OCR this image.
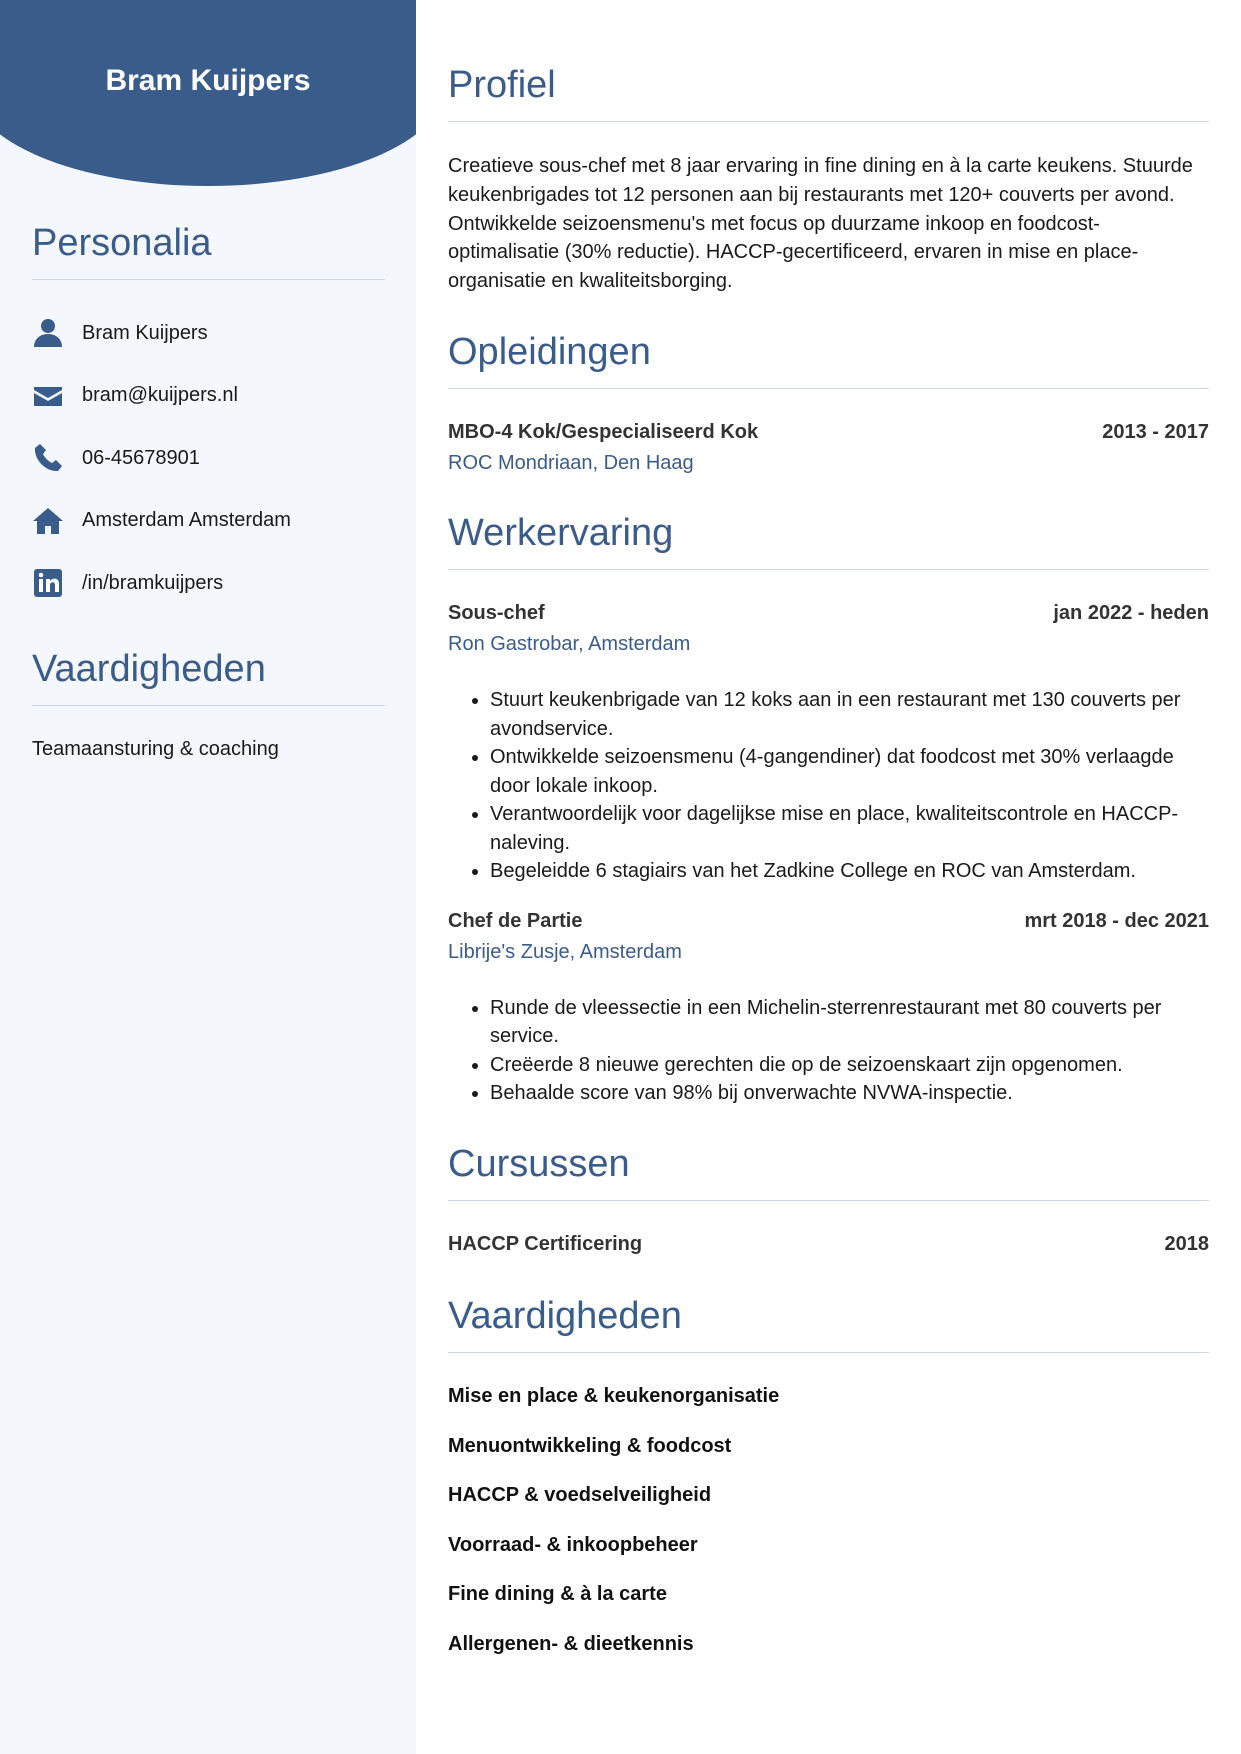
Bram Kuijpers
Personalia
Bram Kuijpers
bram@kuijpers.nl
06-45678901
Amsterdam Amsterdam
/in/bramkuijpers
Vaardigheden
Teamaansturing & coaching
Profiel
Creatieve sous-chef met 8 jaar ervaring in fine dining en à la carte keukens. Stuurde keukenbrigades tot 12 personen aan bij restaurants met 120+ couverts per avond. Ontwikkelde seizoensmenu's met focus op duurzame inkoop en foodcost-optimalisatie (30% reductie). HACCP-gecertificeerd, ervaren in mise en place-organisatie en kwaliteitsborging.
Opleidingen
MBO-4 Kok/Gespecialiseerd Kok	2013 - 2017
ROC Mondriaan, Den Haag
Werkervaring
Sous-chef	jan 2022 - heden
Ron Gastrobar, Amsterdam
• Stuurt keukenbrigade van 12 koks aan in een restaurant met 130 couverts per avondservice.
• Ontwikkelde seizoensmenu (4-gangendiner) dat foodcost met 30% verlaagde door lokale inkoop.
• Verantwoordelijk voor dagelijkse mise en place, kwaliteitscontrole en HACCP-naleving.
• Begeleidde 6 stagiairs van het Zadkine College en ROC van Amsterdam.
Chef de Partie	mrt 2018 - dec 2021
Librije's Zusje, Amsterdam
• Runde de vleessectie in een Michelin-sterrenrestaurant met 80 couverts per service.
• Creëerde 8 nieuwe gerechten die op de seizoenskaart zijn opgenomen.
• Behaalde score van 98% bij onverwachte NVWA-inspectie.
Cursussen
HACCP Certificering	2018
Vaardigheden
Mise en place & keukenorganisatie
Menuontwikkeling & foodcost
HACCP & voedselveiligheid
Voorraad- & inkoopbeheer
Fine dining & à la carte
Allergenen- & dieetkennis
